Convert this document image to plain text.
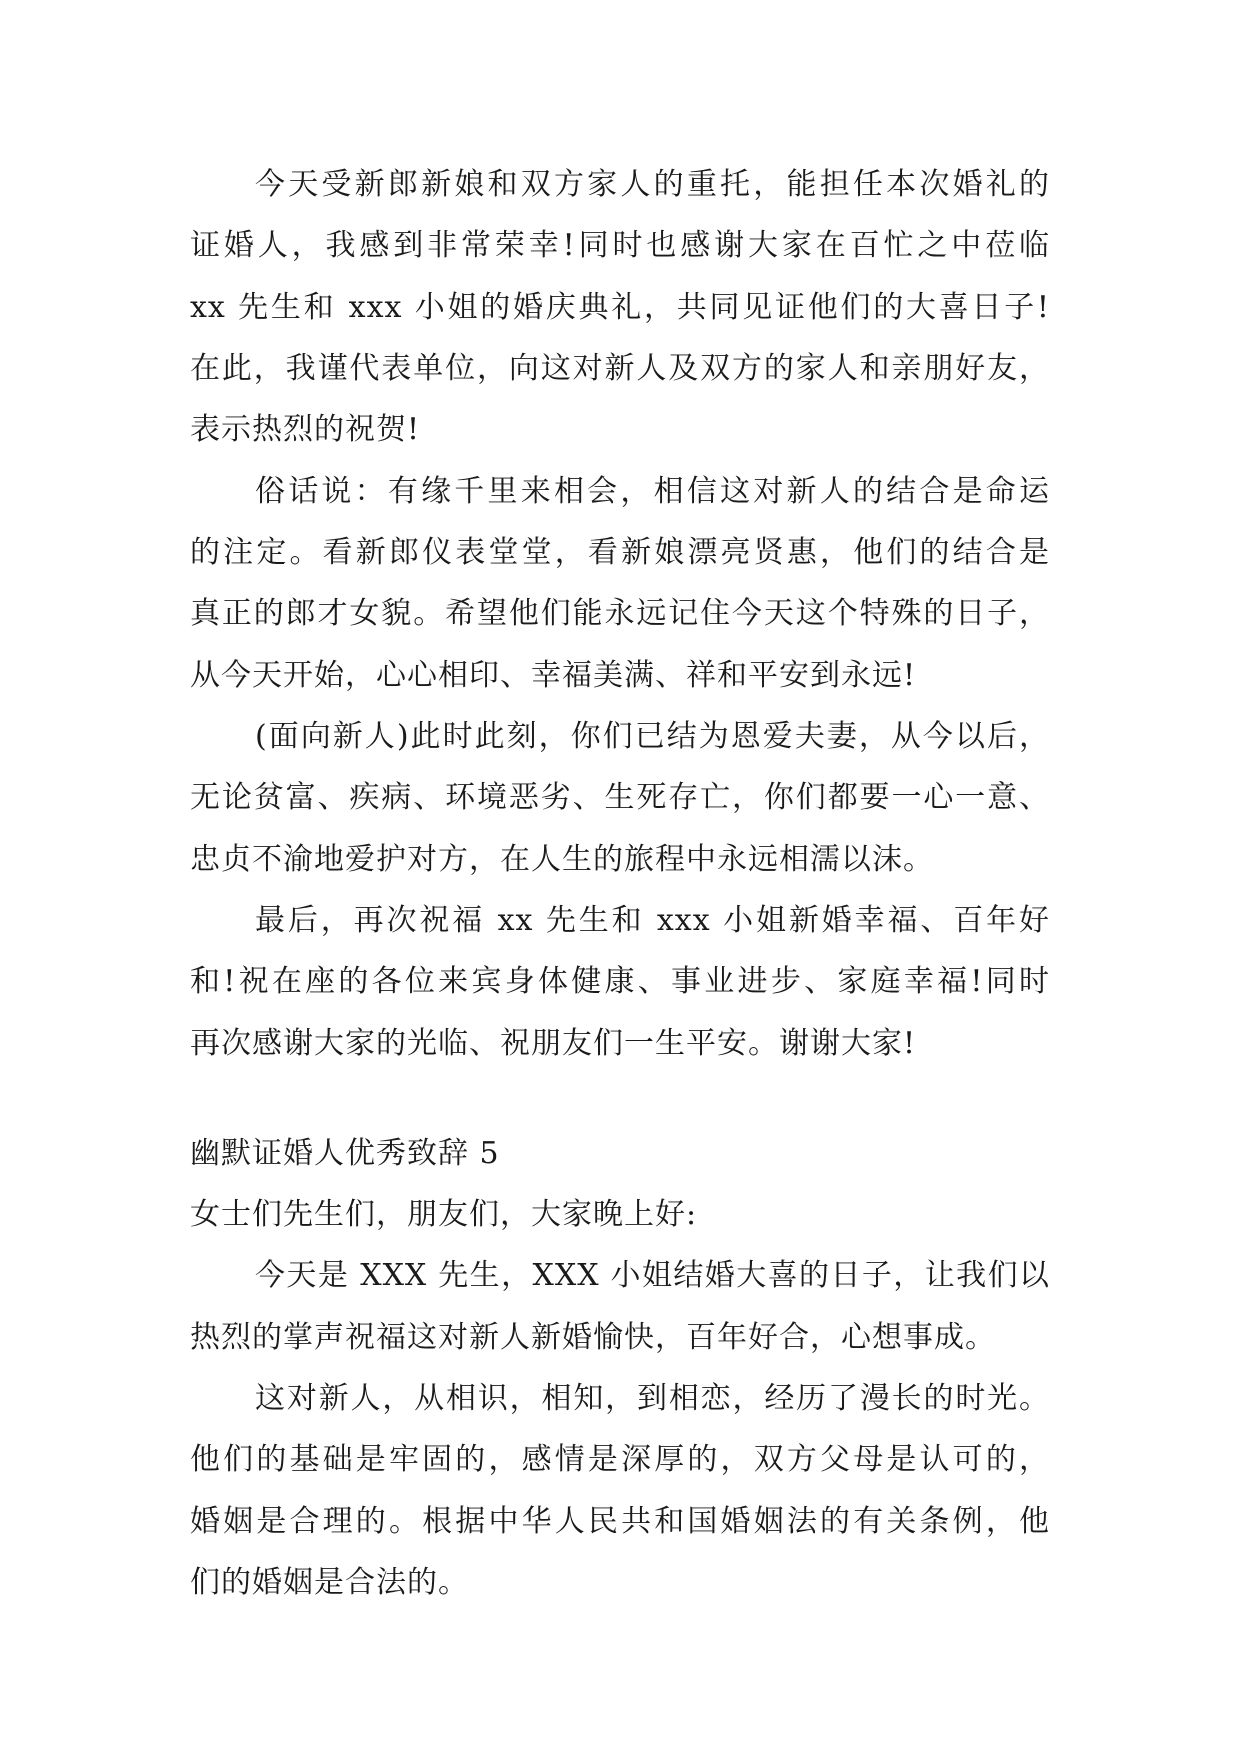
今天受新郎新娘和双方家人的重托，能担任本次婚礼的
证婚人，我感到非常荣幸!同时也感谢大家在百忙之中莅临
xx 先生和 xxx 小姐的婚庆典礼，共同见证他们的大喜日子!
在此，我谨代表单位，向这对新人及双方的家人和亲朋好友，
表示热烈的祝贺!
俗话说：有缘千里来相会，相信这对新人的结合是命运
的注定。看新郎仪表堂堂，看新娘漂亮贤惠，他们的结合是
真正的郎才女貌。希望他们能永远记住今天这个特殊的日子，
从今天开始，心心相印、幸福美满、祥和平安到永远!
(面向新人)此时此刻，你们已结为恩爱夫妻，从今以后，
无论贫富、疾病、环境恶劣、生死存亡，你们都要一心一意、
忠贞不渝地爱护对方，在人生的旅程中永远相濡以沫。
最后，再次祝福 xx 先生和 xxx 小姐新婚幸福、百年好
和!祝在座的各位来宾身体健康、事业进步、家庭幸福!同时
再次感谢大家的光临、祝朋友们一生平安。谢谢大家!
幽默证婚人优秀致辞 5
女士们先生们，朋友们，大家晚上好:
今天是 XXX 先生，XXX 小姐结婚大喜的日子，让我们以
热烈的掌声祝福这对新人新婚愉快，百年好合，心想事成。
这对新人，从相识，相知，到相恋，经历了漫长的时光。
他们的基础是牢固的，感情是深厚的，双方父母是认可的，
婚姻是合理的。根据中华人民共和国婚姻法的有关条例，他
们的婚姻是合法的。
